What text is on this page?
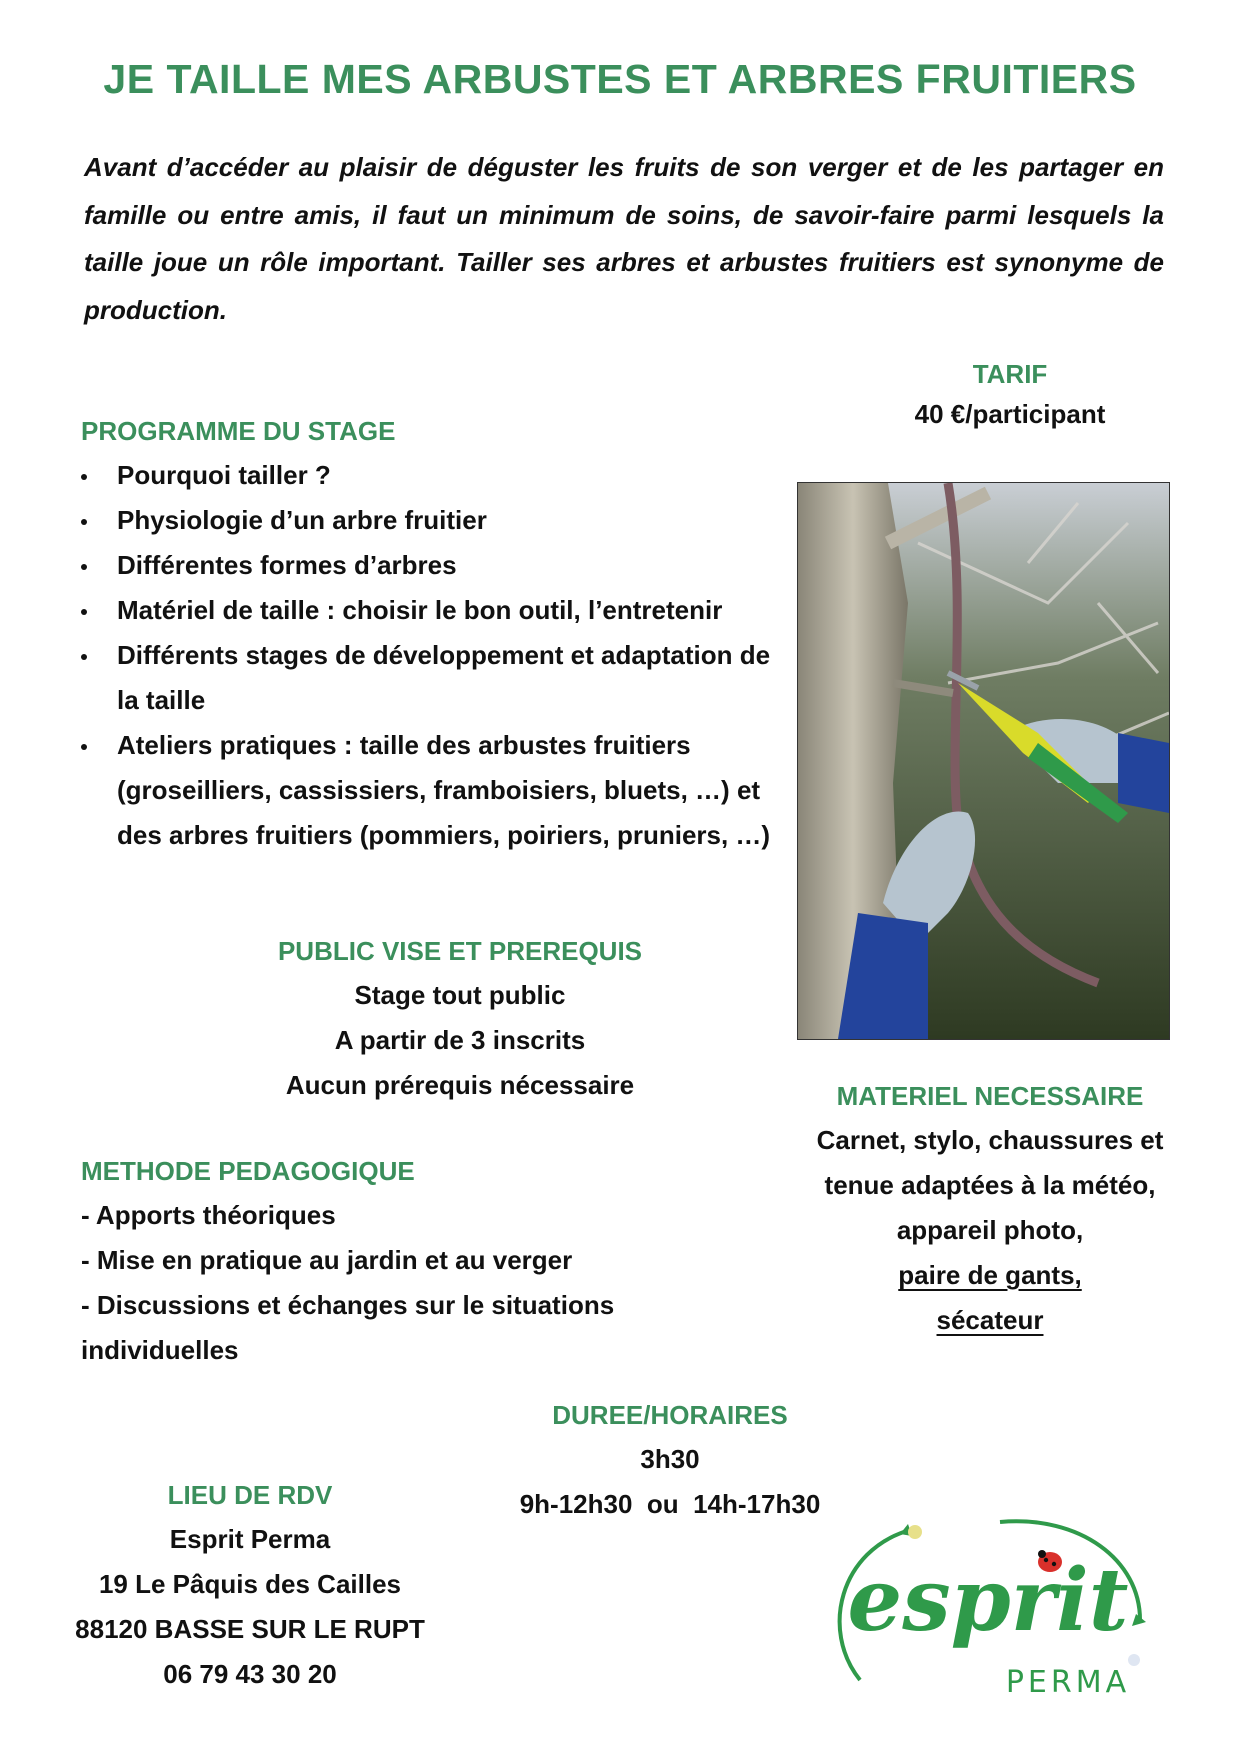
JE TAILLE MES ARBUSTES ET ARBRES FRUITIERS
Avant d’accéder au plaisir de déguster les fruits de son verger et de les partager en famille ou entre amis, il faut un minimum de soins, de savoir-faire parmi lesquels la taille joue un rôle important. Tailler ses arbres et arbustes fruitiers est synonyme de production.
TARIF
40 €/participant
PROGRAMME DU STAGE
Pourquoi tailler ?
Physiologie d’un arbre fruitier
Différentes formes d’arbres
Matériel de taille : choisir le bon outil, l’entretenir
Différents stages de développement et adaptation de la taille
Ateliers pratiques : taille des arbustes fruitiers (groseilliers, cassissiers, framboisiers, bluets, …) et des arbres fruitiers (pommiers, poiriers, pruniers, …)
PUBLIC VISE ET PREREQUIS
Stage tout public
A partir de 3 inscrits
Aucun prérequis nécessaire	MATERIEL NECESSAIRE
Carnet, stylo, chaussures et tenue adaptées à la météo, appareil photo,
paire de gants,
sécateur
METHODE PEDAGOGIQUE
- Apports théoriques
- Mise en pratique au jardin et au verger
- Discussions et échanges sur le situations individuelles
DUREE/HORAIRES
3h30
9h-12h30  ou  14h-17h30
LIEU DE RDV
Esprit Perma
19 Le Pâquis des Cailles
88120 BASSE SUR LE RUPT
06 79 43 30 20
esprit
PERMA
